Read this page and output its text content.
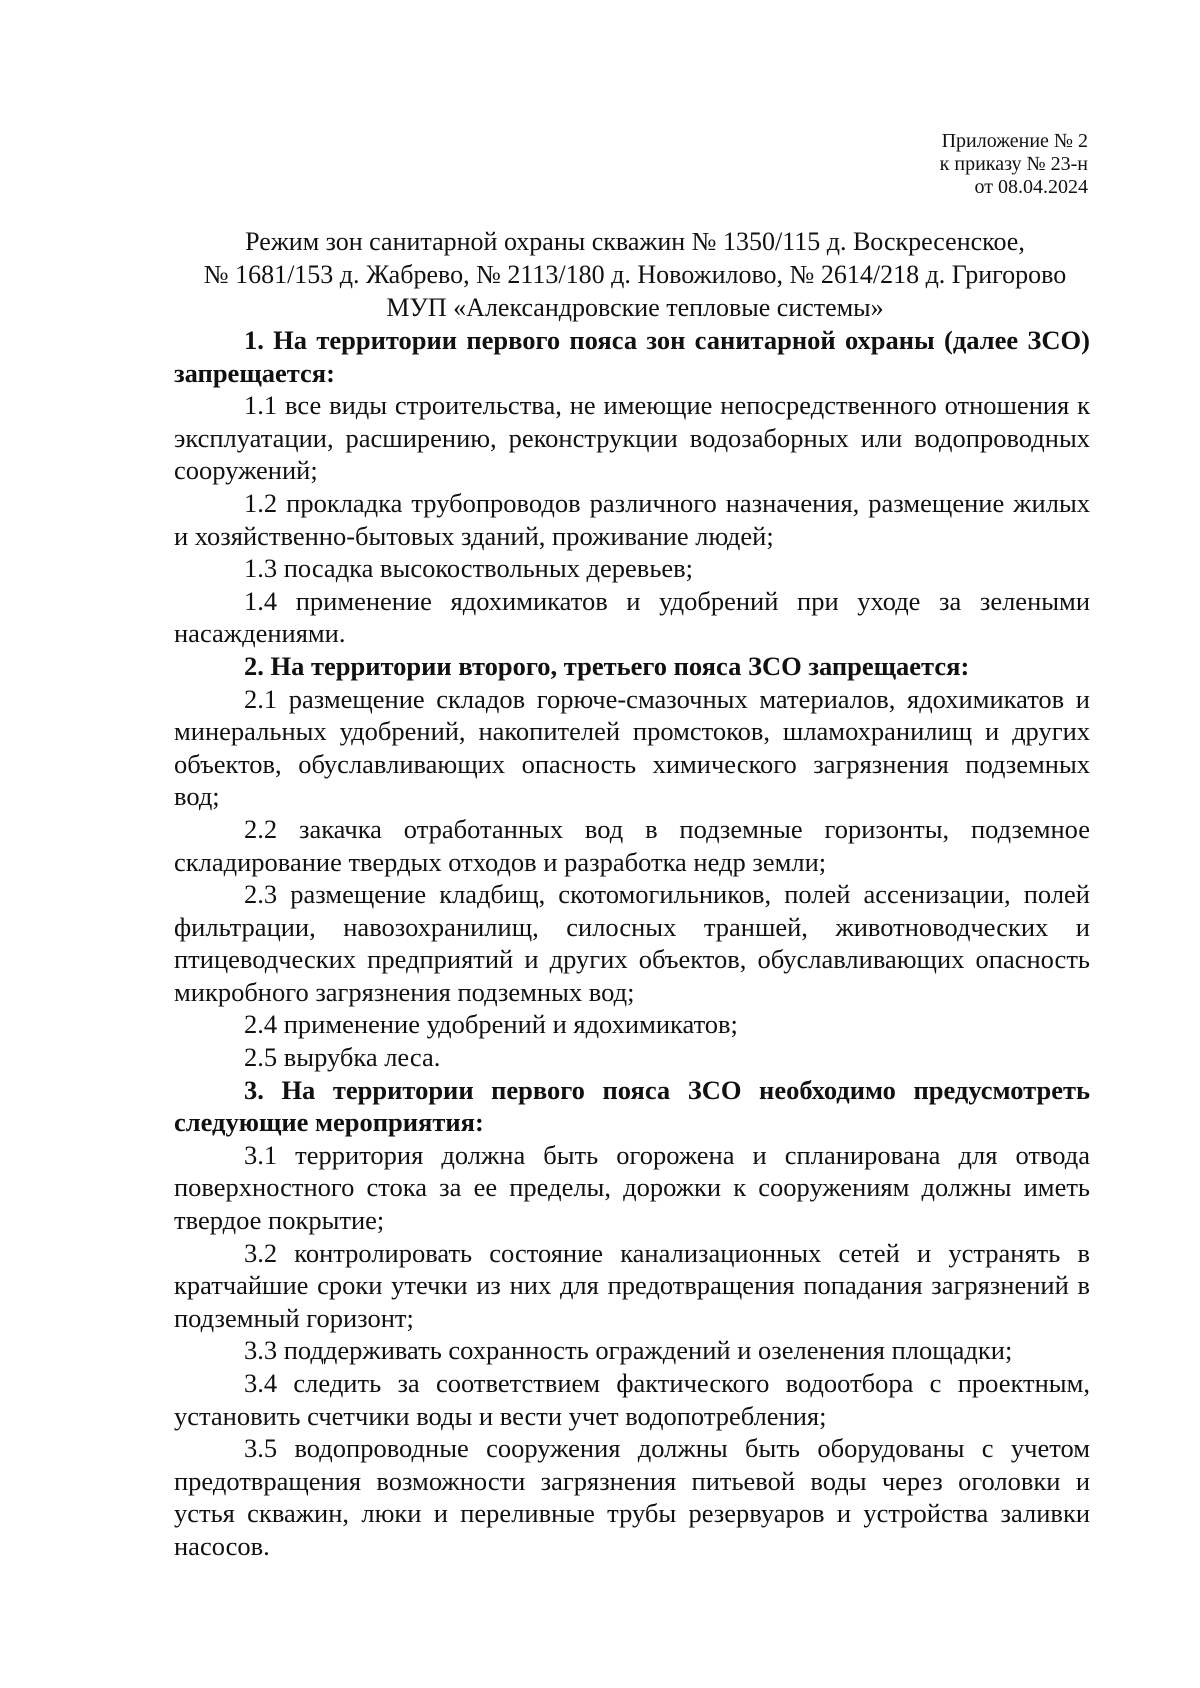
Приложение № 2
к приказу № 23-н
от 08.04.2024
Режим зон санитарной охраны скважин № 1350/115 д. Воскресенское,
№ 1681/153 д. Жабрево, № 2113/180 д. Новожилово, № 2614/218 д. Григорово
МУП «Александровские тепловые системы»

1. На территории первого пояса зон санитарной охраны (далее ЗСО) запрещается:

1.1 все виды строительства, не имеющие непосредственного отношения к эксплуатации, расширению, реконструкции водозаборных или водопроводных сооружений;

1.2 прокладка трубопроводов различного назначения, размещение жилых и хозяйственно-бытовых зданий, проживание людей;

1.3 посадка высокоствольных деревьев;

1.4 применение ядохимикатов и удобрений при уходе за зелеными насаждениями.

2. На территории второго, третьего пояса ЗСО запрещается:

2.1 размещение складов горюче-смазочных материалов, ядохимикатов и минеральных удобрений, накопителей промстоков, шламохранилищ и других объектов, обуславливающих опасность химического загрязнения подземных вод;

2.2 закачка отработанных вод в подземные горизонты, подземное складирование твердых отходов и разработка недр земли;

2.3 размещение кладбищ, скотомогильников, полей ассенизации, полей фильтрации, навозохранилищ, силосных траншей, животноводческих и птицеводческих предприятий и других объектов, обуславливающих опасность микробного загрязнения подземных вод;

2.4 применение удобрений и ядохимикатов;

2.5 вырубка леса.

3. На территории первого пояса ЗСО необходимо предусмотреть следующие мероприятия:

3.1 территория должна быть огорожена и спланирована для отвода поверхностного стока за ее пределы, дорожки к сооружениям должны иметь твердое покрытие;

3.2 контролировать состояние канализационных сетей и устранять в кратчайшие сроки утечки из них для предотвращения попадания загрязнений в подземный горизонт;

3.3 поддерживать сохранность ограждений и озеленения площадки;

3.4 следить за соответствием фактического водоотбора с проектным, установить счетчики воды и вести учет водопотребления;

3.5 водопроводные сооружения должны быть оборудованы с учетом предотвращения возможности загрязнения питьевой воды через оголовки и устья скважин, люки и переливные трубы резервуаров и устройства заливки насосов.
